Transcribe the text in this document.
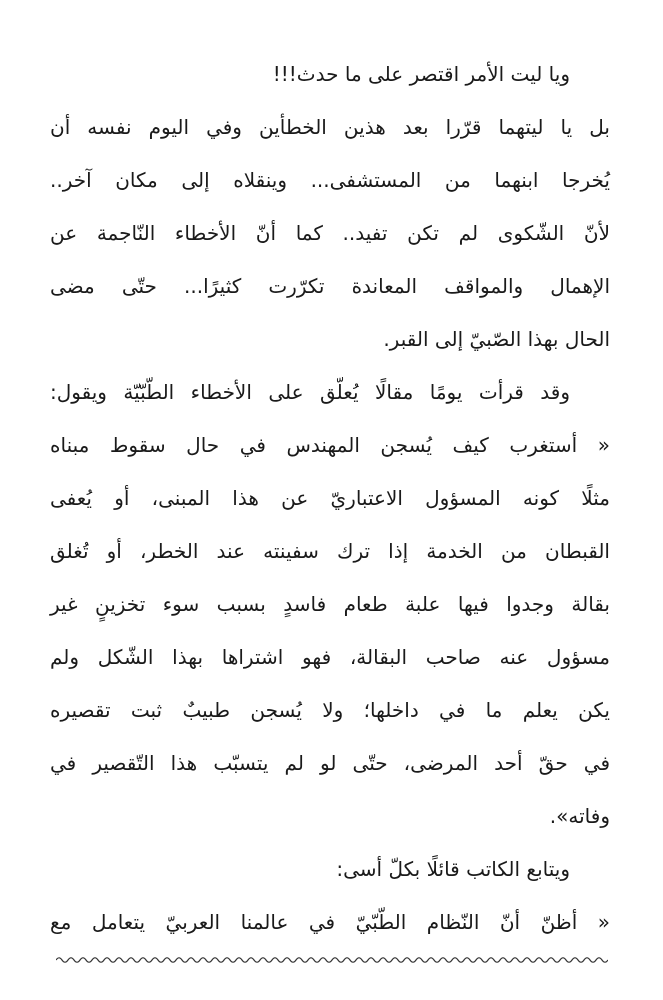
ويا ليت الأمر اقتصر على ما حدث!!!
بل يا ليتهما قرّرا بعد هذين الخطأين وفي اليوم نفسه أن
يُخرجا ابنهما من المستشفى... وينقلاه إلى مكان آخر..
لأنّ الشّكوى لم تكن تفيد.. كما أنّ الأخطاء النّاجمة عن
الإهمال والمواقف المعاندة تكرّرت كثيرًا... حتّى مضى
الحال بهذا الصّبيّ إلى القبر.
وقد قرأت يومًا مقالًا يُعلّق على الأخطاء الطّبّيّة ويقول:
« أستغرب كيف يُسجن المهندس في حال سقوط مبناه
مثلًا كونه المسؤول الاعتباريّ عن هذا المبنى، أو يُعفى
القبطان من الخدمة إذا ترك سفينته عند الخطر، أو تُغلق
بقالة وجدوا فيها علبة طعام فاسدٍ بسبب سوء تخزينٍ غير
مسؤول عنه صاحب البقالة، فهو اشتراها بهذا الشّكل ولم
يكن يعلم ما في داخلها؛ ولا يُسجن طبيبٌ ثبت تقصيره
في حقّ أحد المرضى، حتّى لو لم يتسبّب هذا التّقصير في
وفاته».
ويتابع الكاتب قائلًا بكلّ أسى:
« أظنّ أنّ النّظام الطّبّيّ في عالمنا العربيّ يتعامل مع
